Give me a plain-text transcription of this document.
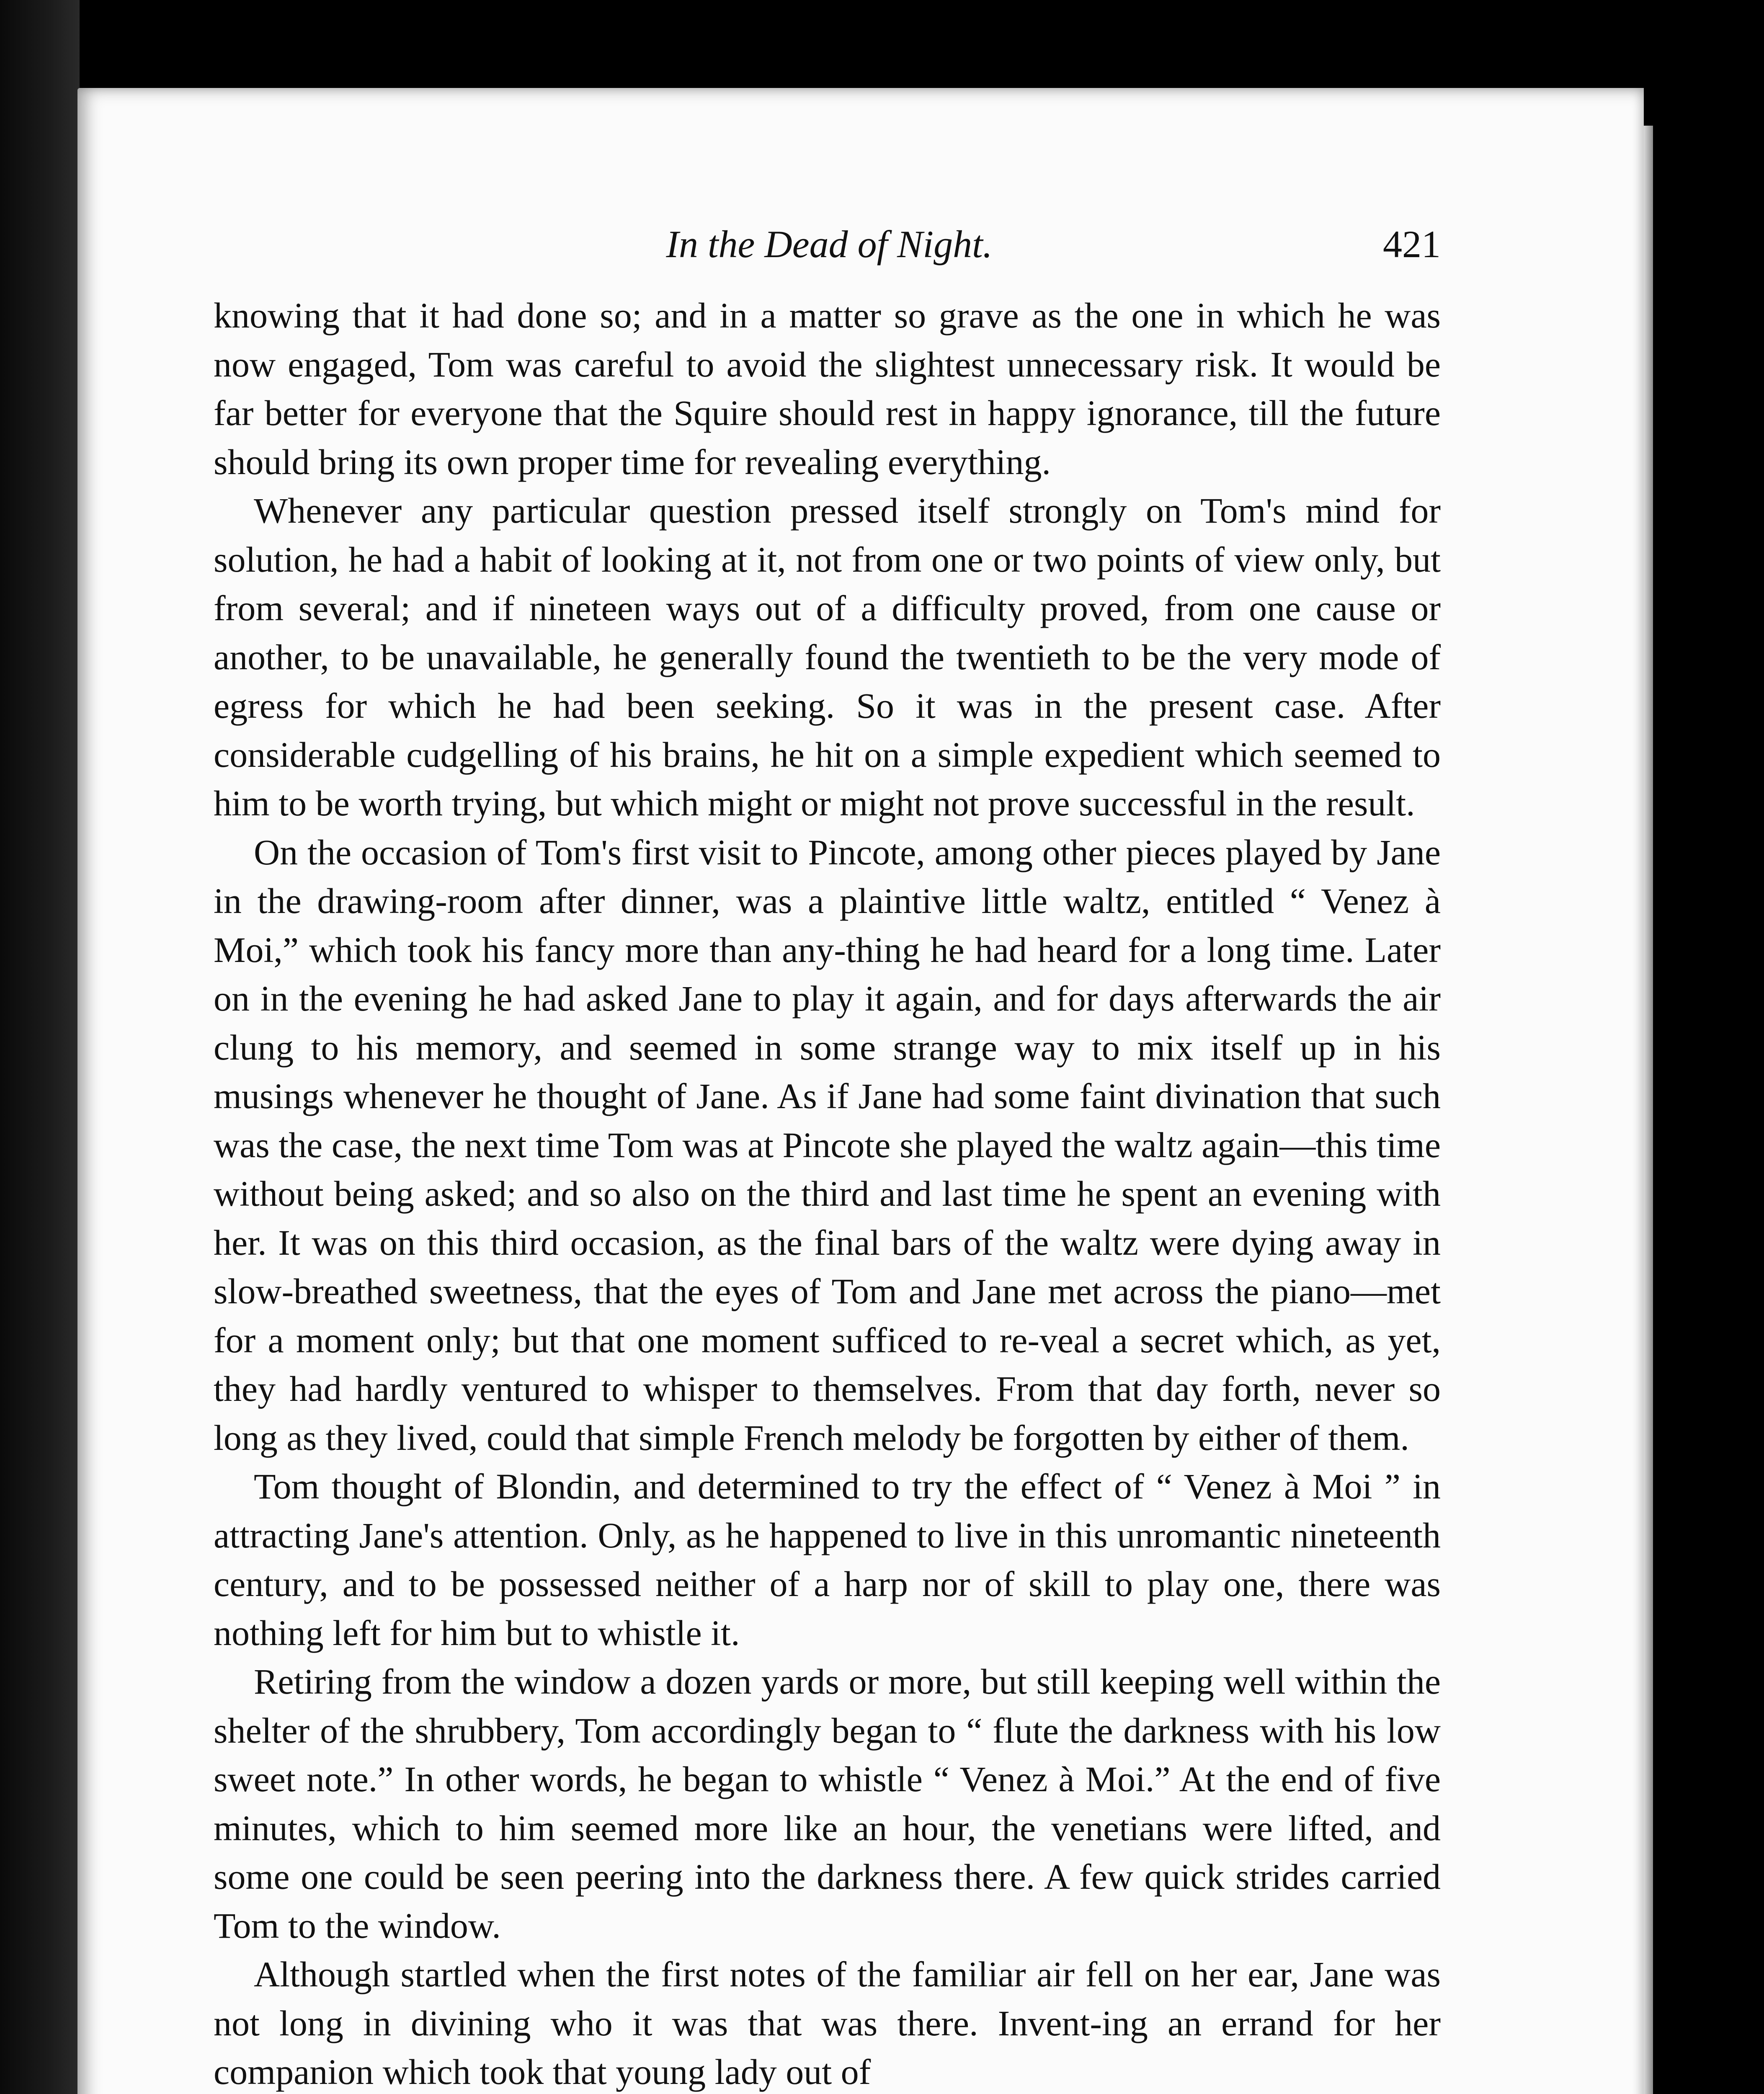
In the Dead of Night.	421

knowing that it had done so; and in a matter so grave as the one in which he was now engaged, Tom was careful to avoid the slightest unnecessary risk. It would be far better for everyone that the Squire should rest in happy ignorance, till the future should bring its own proper time for revealing everything.

Whenever any particular question pressed itself strongly on Tom's mind for solution, he had a habit of looking at it, not from one or two points of view only, but from several; and if nineteen ways out of a difficulty proved, from one cause or another, to be unavailable, he generally found the twentieth to be the very mode of egress for which he had been seeking. So it was in the present case. After considerable cudgelling of his brains, he hit on a simple expedient which seemed to him to be worth trying, but which might or might not prove successful in the result.

On the occasion of Tom's first visit to Pincote, among other pieces played by Jane in the drawing-room after dinner, was a plaintive little waltz, entitled “ Venez à Moi,” which took his fancy more than any-thing he had heard for a long time. Later on in the evening he had asked Jane to play it again, and for days afterwards the air clung to his memory, and seemed in some strange way to mix itself up in his musings whenever he thought of Jane. As if Jane had some faint divination that such was the case, the next time Tom was at Pincote she played the waltz again—this time without being asked; and so also on the third and last time he spent an evening with her. It was on this third occasion, as the final bars of the waltz were dying away in slow-breathed sweetness, that the eyes of Tom and Jane met across the piano—met for a moment only; but that one moment sufficed to re-veal a secret which, as yet, they had hardly ventured to whisper to themselves. From that day forth, never so long as they lived, could that simple French melody be forgotten by either of them.

Tom thought of Blondin, and determined to try the effect of “ Venez à Moi ” in attracting Jane's attention. Only, as he happened to live in this unromantic nineteenth century, and to be possessed neither of a harp nor of skill to play one, there was nothing left for him but to whistle it.

Retiring from the window a dozen yards or more, but still keeping well within the shelter of the shrubbery, Tom accordingly began to “ flute the darkness with his low sweet note.” In other words, he began to whistle “ Venez à Moi.” At the end of five minutes, which to him seemed more like an hour, the venetians were lifted, and some one could be seen peering into the darkness there. A few quick strides carried Tom to the window.

Although startled when the first notes of the familiar air fell on her ear, Jane was not long in divining who it was that was there. Invent-ing an errand for her companion which took that young lady out of
